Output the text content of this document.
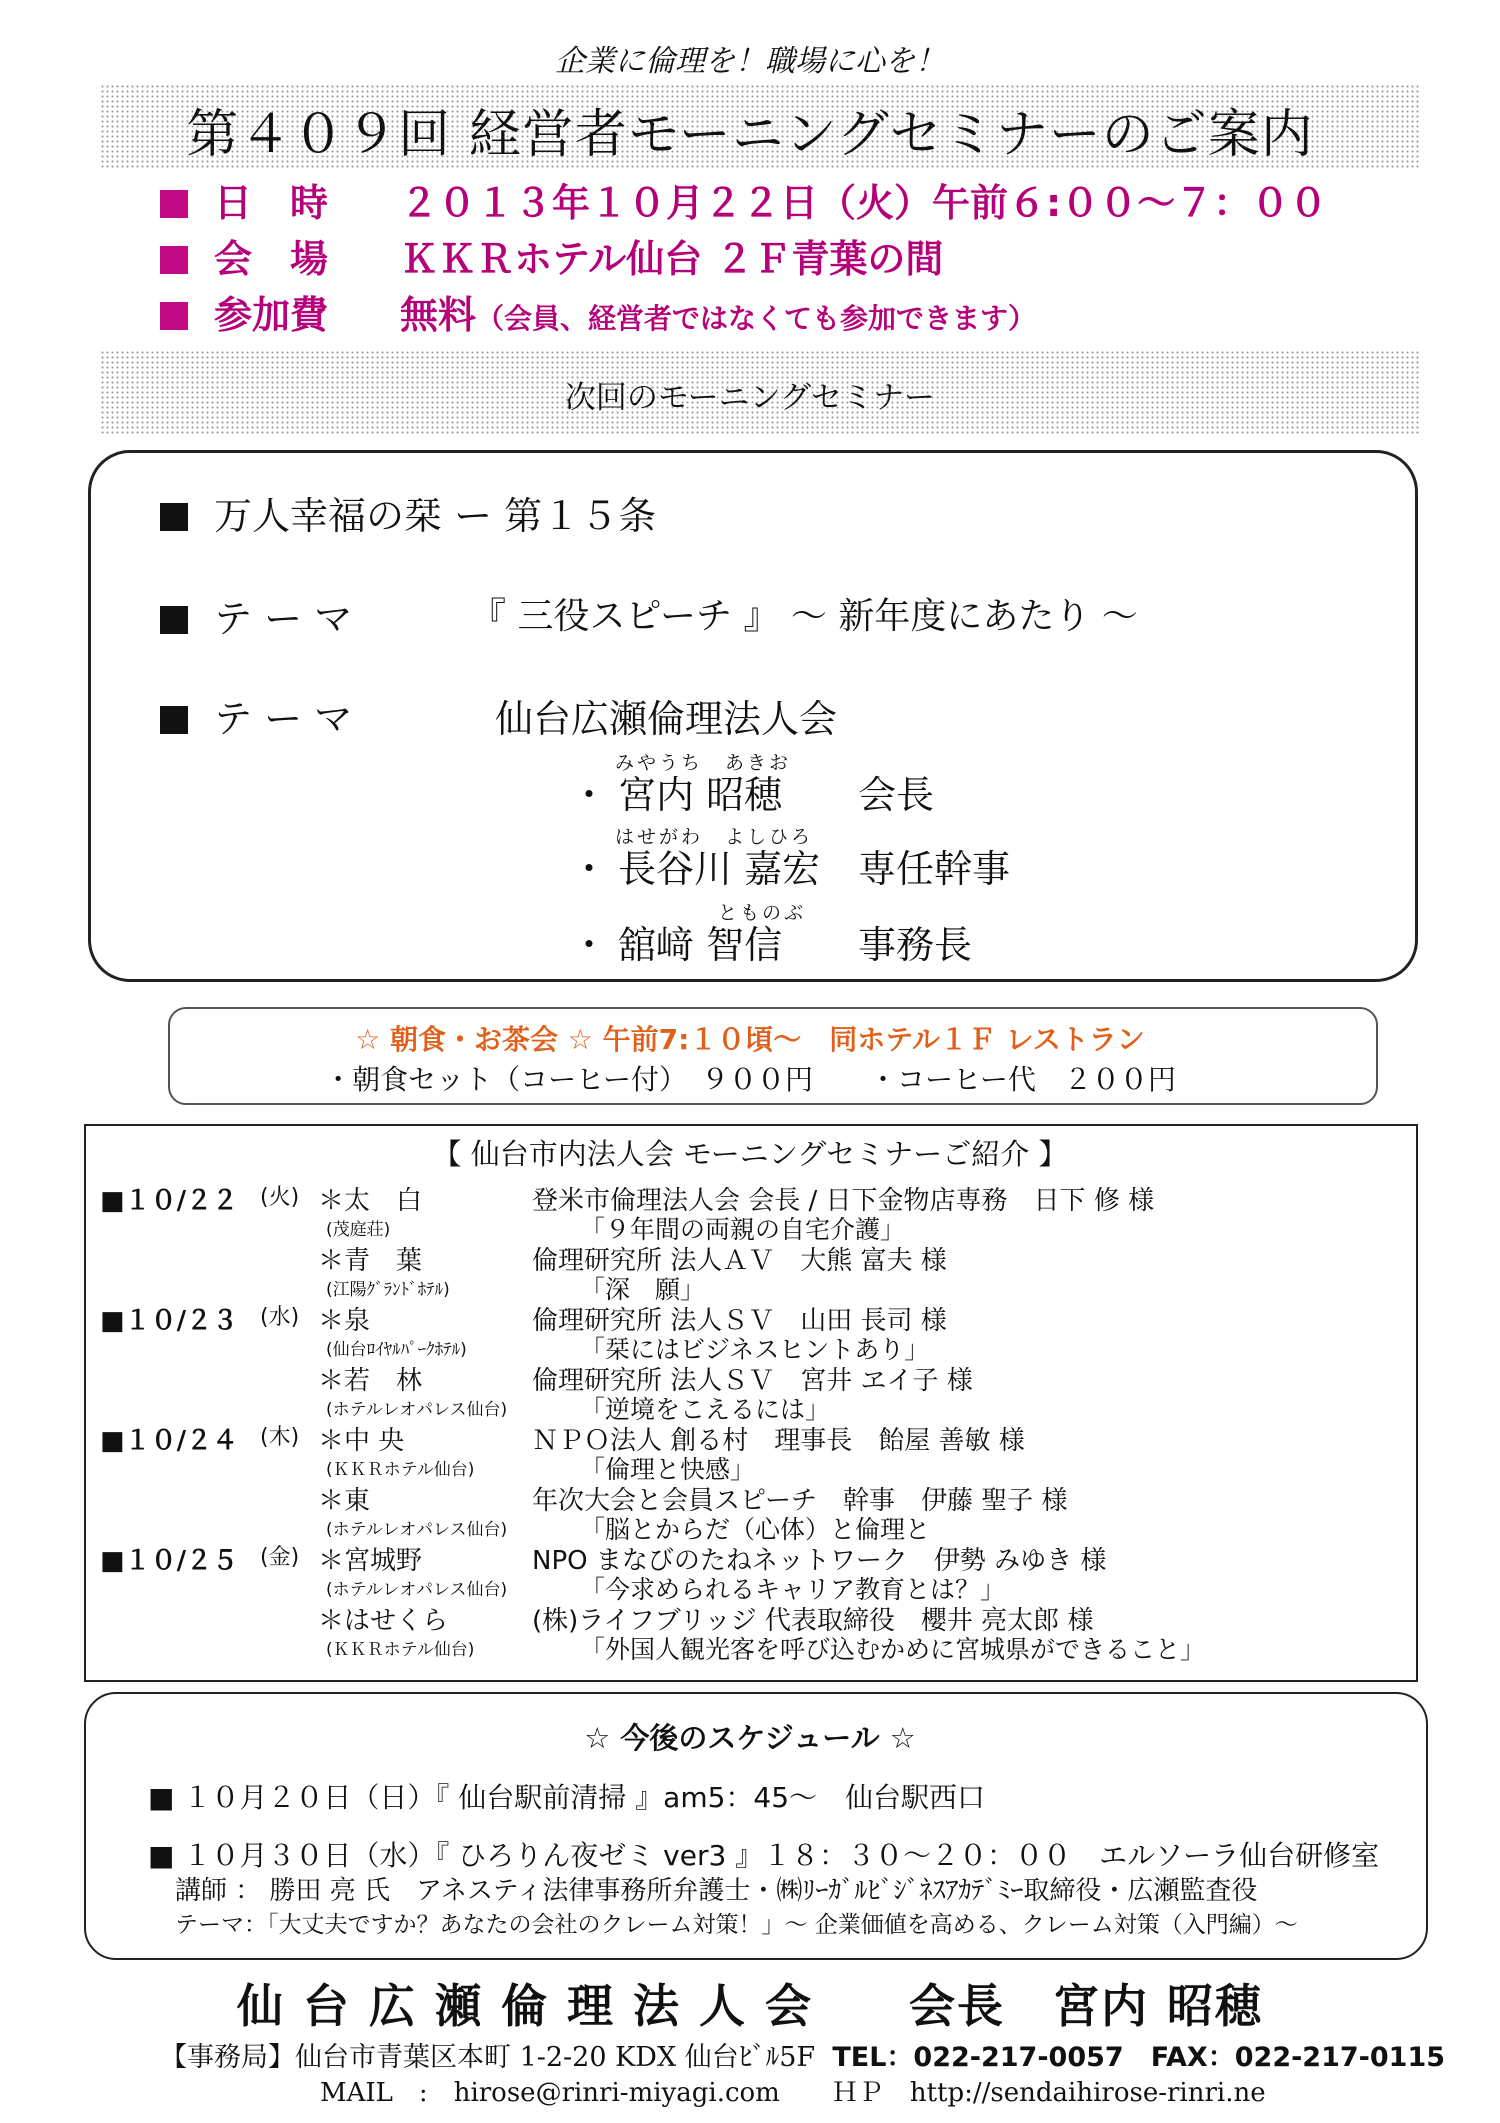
企業に倫理を！職場に心を！
第４０９回 経営者モーニングセミナーのご案内
日　時 ２０１３年１０月２２日（火）午前６:００～７：００
会　場 ＫＫＲホテル仙台 ２Ｆ青葉の間
参加費 無料（会員、経営者ではなくても参加できます）
次回のモーニングセミナー
万人幸福の栞 ー 第１５条
テ ー マ	『 三役スピーチ 』 ～ 新年度にあたり ～
テ ー マ	仙台広瀬倫理法人会
みやうち　あきお
・ 宮内 昭穂 会長
はせがわ　よしひろ
・ 長谷川 嘉宏 専任幹事
とものぶ
・ 舘﨑 智信 事務長
☆ 朝食・お茶会 ☆ 午前7:１０頃～　同ホテル１Ｆ レストラン
・朝食セット（コーヒー付）　９００円　　・コーヒー代　２００円
【 仙台市内法人会 モーニングセミナーご紹介 】
■１０/２２ (火) ＊太　白
(茂庭荘)
登米市倫理法人会 会長 / 日下金物店専務　日下 修 様
「９年間の両親の自宅介護」
＊青　葉
(江陽ｸﾞﾗﾝﾄﾞﾎﾃﾙ)
倫理研究所 法人ＡＶ　大熊 富夫 様
「深　願」
■１０/２３ (水) ＊泉
(仙台ﾛｲﾔﾙﾊﾟｰｸﾎﾃﾙ)
倫理研究所 法人ＳＶ　山田 長司 様
「栞にはビジネスヒントあり」
＊若　林
(ホテルレオパレス仙台)
倫理研究所 法人ＳＶ　宮井 ヱイ子 様
「逆境をこえるには」
■１０/２４ (木) ＊中 央
(ＫＫＲホテル仙台)
ＮＰＯ法人 創る村　理事長　飴屋 善敏 様
「倫理と快感」
＊東
(ホテルレオパレス仙台)
年次大会と会員スピーチ　幹事　伊藤 聖子 様
「脳とからだ（心体）と倫理と
■１０/２５ (金) ＊宮城野
(ホテルレオパレス仙台)
NPO まなびのたねネットワーク　伊勢 みゆき 様
「今求められるキャリア教育とは？」
＊はせくら
(ＫＫＲホテル仙台)
(株)ライフブリッジ 代表取締役　櫻井 亮太郎 様
「外国人観光客を呼び込むかめに宮城県ができること」
☆ 今後のスケジュール ☆
■ １０月２０日（日）『 仙台駅前清掃 』am5：45～　仙台駅西口
■ １０月３０日（水）『 ひろりん夜ゼミ ver3 』１８：３０～２０：００　エルソーラ仙台研修室
講師 ： 勝田 亮 氏　アネスティ法律事務所弁護士・㈱ﾘｰｶﾞﾙﾋﾞｼﾞﾈｽｱｶﾃﾞﾐｰ取締役・広瀬監査役
テーマ：「大丈夫ですか？あなたの会社のクレーム対策！」～ 企業価値を高める、クレーム対策（入門編）～
仙 台 広 瀬 倫 理 法 人 会　　会長　宮内 昭穂
【事務局】仙台市青葉区本町 1-2-20 KDX 仙台ﾋﾞﾙ5F TEL：022-217-0057　FAX：022-217-0115
MAIL　:　hirose@rinri-miyagi.com　　ＨＰ　http://sendaihirose-rinri.ne
